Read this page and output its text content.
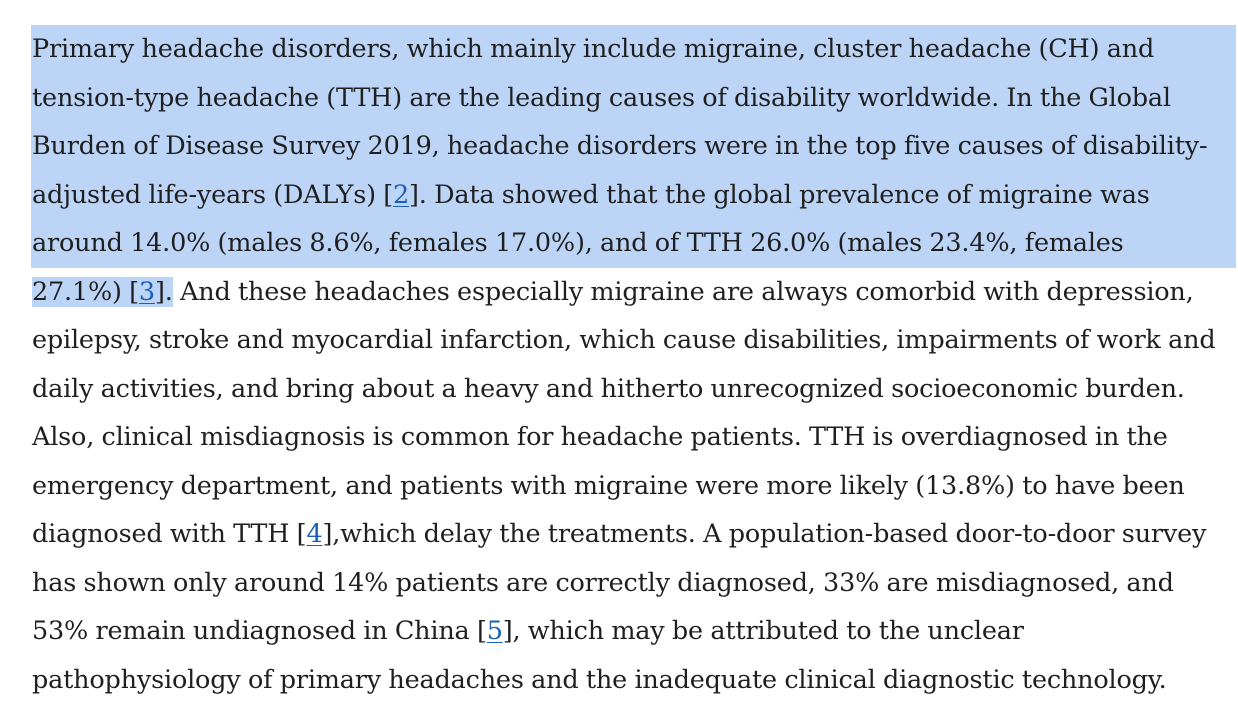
Primary headache disorders, which mainly include migraine, cluster headache (CH) and
tension-type headache (TTH) are the leading causes of disability worldwide. In the Global
Burden of Disease Survey 2019, headache disorders were in the top five causes of disability-
adjusted life-years (DALYs) [2]. Data showed that the global prevalence of migraine was
around 14.0% (males 8.6%, females 17.0%), and of TTH 26.0% (males 23.4%, females
27.1%) [3]. And these headaches especially migraine are always comorbid with depression,
epilepsy, stroke and myocardial infarction, which cause disabilities, impairments of work and
daily activities, and bring about a heavy and hitherto unrecognized socioeconomic burden.
Also, clinical misdiagnosis is common for headache patients. TTH is overdiagnosed in the
emergency department, and patients with migraine were more likely (13.8%) to have been
diagnosed with TTH [4],which delay the treatments. A population-based door-to-door survey
has shown only around 14% patients are correctly diagnosed, 33% are misdiagnosed, and
53% remain undiagnosed in China [5], which may be attributed to the unclear
pathophysiology of primary headaches and the inadequate clinical diagnostic technology.
